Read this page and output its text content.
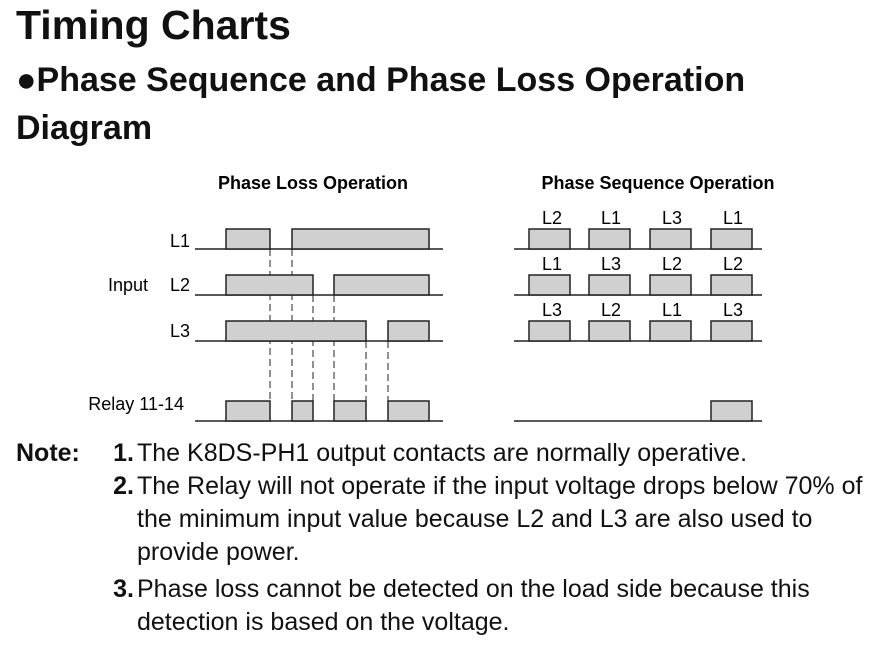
Timing Charts
●Phase Sequence and Phase Loss Operation Diagram
Phase Loss Operation	Phase Sequence Operation
L1
Input L2
L3
Relay 11-14
L2 L1 L3 L1
L1 L3 L2 L2
L3 L2 L1 L3
Note:	1. The K8DS-PH1 output contacts are normally operative.
2. The Relay will not operate if the input voltage drops below 70% of the minimum input value because L2 and L3 are also used to provide power.
3. Phase loss cannot be detected on the load side because this detection is based on the voltage.
